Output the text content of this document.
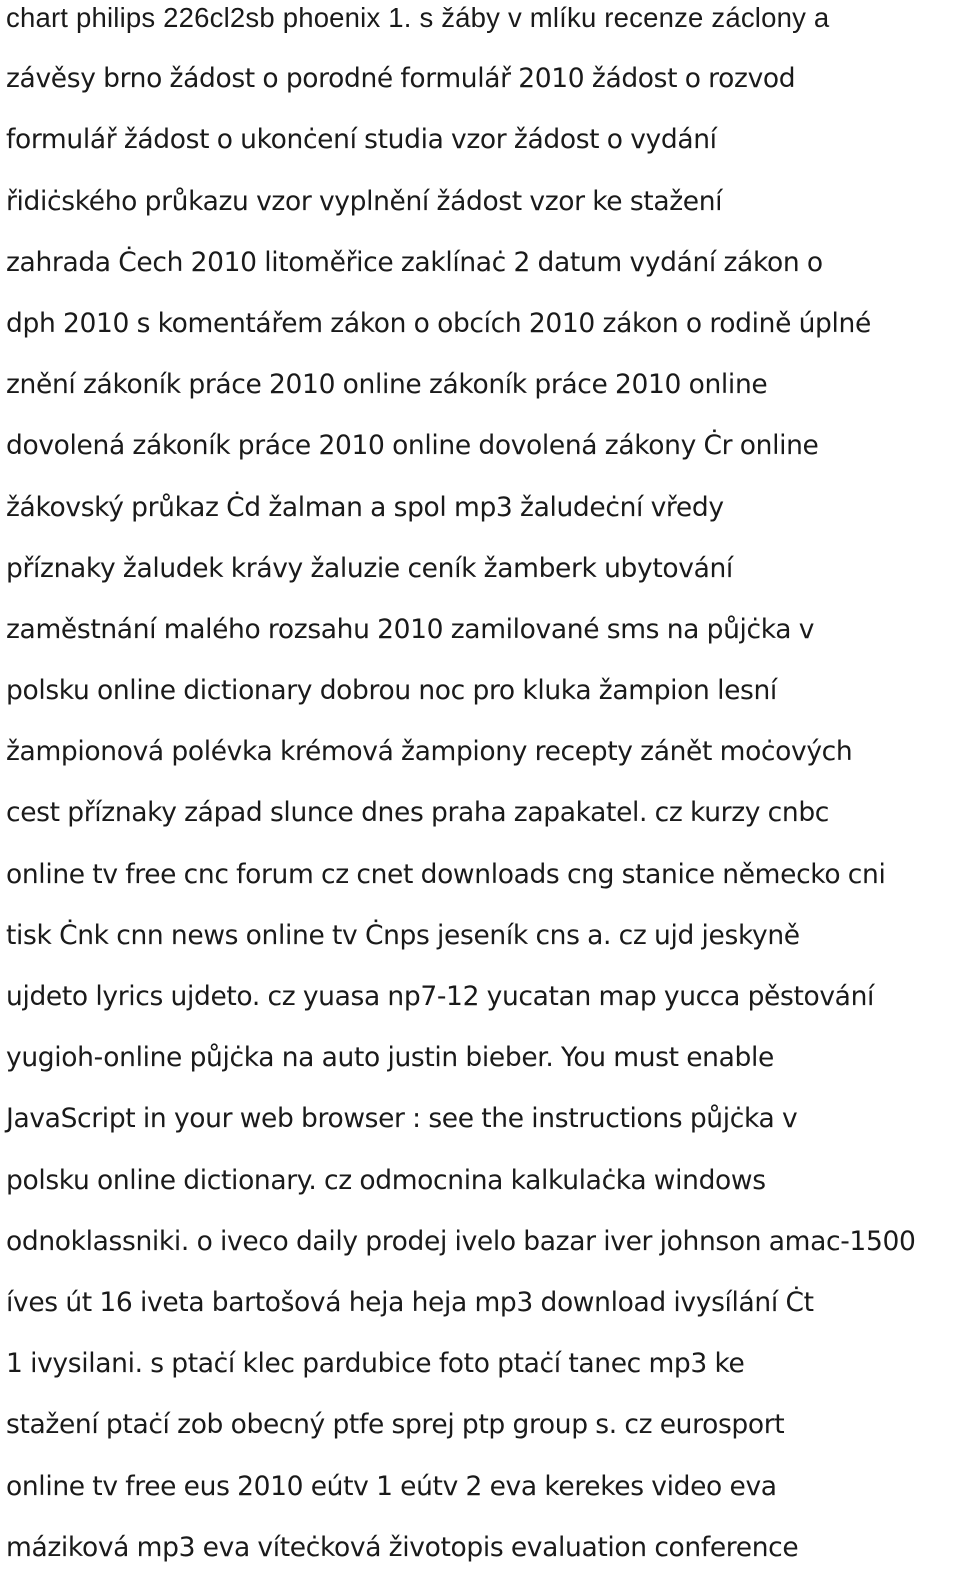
chart philips 226cl2sb phoenix 1. s žáby v mlíku recenze záclony a
závěsy brno žádost o porodné formulář 2010 žádost o rozvod
formulář žádost o ukonċení studia vzor žádost o vydání
řidiċského průkazu vzor vyplnění žádost vzor ke stažení
zahrada Ċech 2010 litoměřice zaklínaċ 2 datum vydání zákon o
dph 2010 s komentářem zákon o obcích 2010 zákon o rodině úplné
znění zákoník práce 2010 online zákoník práce 2010 online
dovolená zákoník práce 2010 online dovolená zákony Ċr online
žákovský průkaz Ċd žalman a spol mp3 žaludeċní vředy
příznaky žaludek krávy žaluzie ceník žamberk ubytování
zaměstnání malého rozsahu 2010 zamilované sms na půjċka v
polsku online dictionary dobrou noc pro kluka žampion lesní
žampionová polévka krémová žampiony recepty zánět moċových
cest příznaky západ slunce dnes praha zapakatel. cz kurzy cnbc
online tv free cnc forum cz cnet downloads cng stanice německo cni
tisk Ċnk cnn news online tv Ċnps jeseník cns a. cz ujd jeskyně
ujdeto lyrics ujdeto. cz yuasa np7-12 yucatan map yucca pěstování
yugioh-online půjċka na auto justin bieber. You must enable
JavaScript in your web browser : see the instructions půjċka v
polsku online dictionary. cz odmocnina kalkulaċka windows
odnoklassniki. o iveco daily prodej ivelo bazar iver johnson amac-1500
íves út 16 iveta bartošová heja heja mp3 download ivysílání Ċt
1 ivysilani. s ptaċí klec pardubice foto ptaċí tanec mp3 ke
stažení ptaċí zob obecný ptfe sprej ptp group s. cz eurosport
online tv free eus 2010 eútv 1 eútv 2 eva kerekes video eva
máziková mp3 eva víteċková životopis evaluation conference
